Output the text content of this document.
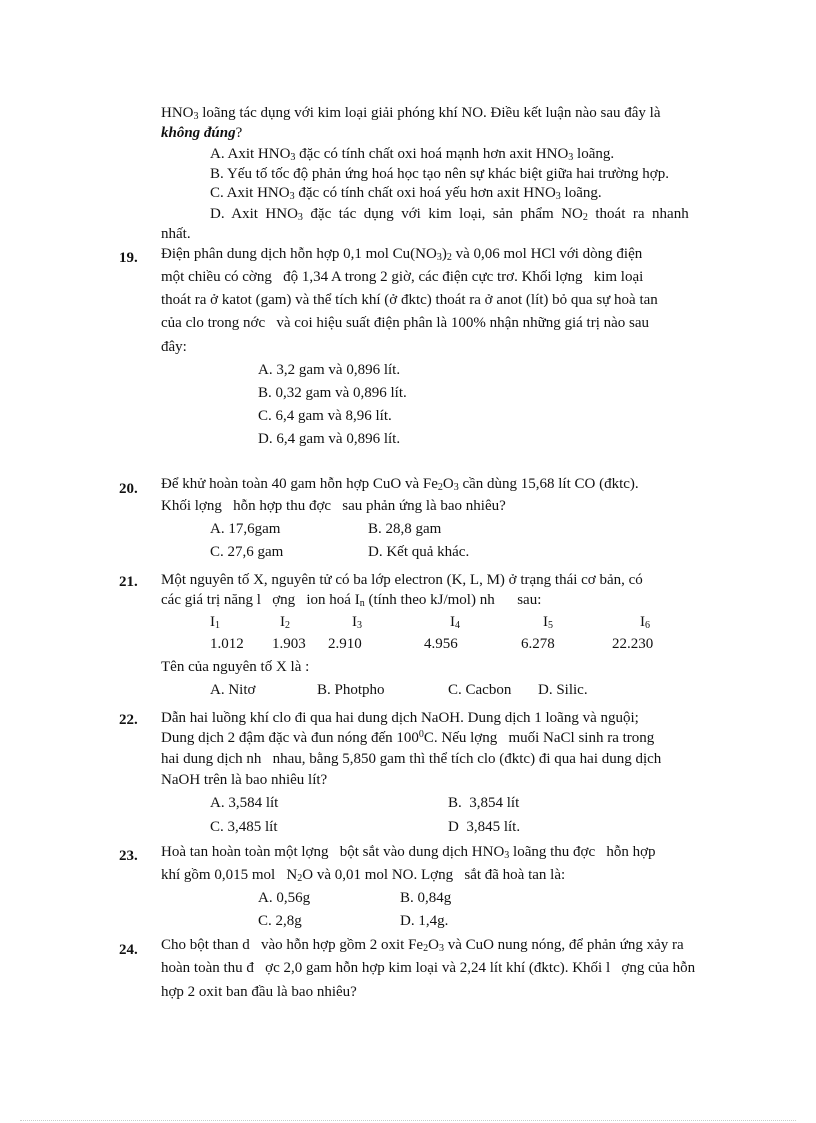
$HNO_3$ loãng tác dụng với kim loại giải phóng khí NO. Điều kết luận nào sau đây là
không đúng?
A. Axit $HNO_3$ đặc có tính chất oxi hoá mạnh hơn axit $HNO_3$ loãng.
B. Yếu tố tốc độ phản ứng hoá học tạo nên sự khác biệt giữa hai trường hợp.
C. Axit $HNO_3$ đặc có tính chất oxi hoá yếu hơn axit $HNO_3$ loãng.
D.  Axit  $HNO_3$  đặc  tác  dụng  với  kim  loại,  sản  phẩm  $NO_2$  thoát  ra  nhanh
nhất.
19. Điện phân dung dịch hỗn hợp 0,1 mol $Cu(NO_3)_2$ và 0,06 mol HCl với dòng điện
một chiều có cờng   độ 1,34 A trong 2 giờ, các điện cực trơ. Khối lợng   kim loại
thoát ra ở katot (gam) và thể tích khí (ở đktc) thoát ra ở anot (lít) bỏ qua sự hoà tan
của clo trong nớc   và coi hiệu suất điện phân là 100% nhận những giá trị nào sau
đây:
A. 3,2 gam và 0,896 lít.
B. 0,32 gam và 0,896 lít.
C. 6,4 gam và 8,96 lít.
D. 6,4 gam và 0,896 lít.
20. Để khử hoàn toàn 40 gam hỗn hợp CuO và $Fe_2O_3$ cần dùng 15,68 lít CO (đktc).
Khối lợng   hỗn hợp thu đợc   sau phản ứng là bao nhiêu?
A. 17,6gam	B. 28,8 gam
C. 27,6 gam	D. Kết quả khác.
21. Một nguyên tố X, nguyên tử có ba lớp electron (K, L, M) ở trạng thái cơ bản, có
các giá trị năng l   ợng   ion hoá $I_n$ (tính theo kJ/mol) nh      sau:
$I_1$	$I_2$	$I_3$	$I_4$	$I_5$	$I_6$
1.012 1.903 2.910	4.956	6.278	22.230
Tên của nguyên tố X là :
A. Nitơ	B. Photpho	C. Cacbon D. Silic.
22. Dẫn hai luồng khí clo đi qua hai dung dịch NaOH. Dung dịch 1 loãng và nguội;
Dung dịch 2 đậm đặc và đun nóng đến $100^0C$. Nếu lợng   muối NaCl sinh ra trong
hai dung dịch nh   nhau, bằng 5,850 gam thì thể tích clo (đktc) đi qua hai dung dịch
NaOH trên là bao nhiêu lít?
A. 3,584 lít	B.  3,854 lít
C. 3,485 lít	D  3,845 lít.
23. Hoà tan hoàn toàn một lợng   bột sắt vào dung dịch $HNO_3$ loãng thu đợc   hỗn hợp
khí gồm 0,015 mol   $N_2O$ và 0,01 mol NO. Lợng   sắt đã hoà tan là:
A. 0,56g	B. 0,84g
C. 2,8g	D. 1,4g.
24. Cho bột than d   vào hỗn hợp gồm 2 oxit $Fe_2O_3$ và CuO nung nóng, để phản ứng xảy ra
hoàn toàn thu đ   ợc 2,0 gam hỗn hợp kim loại và 2,24 lít khí (đktc). Khối l   ợng của hỗn
hợp 2 oxit ban đầu là bao nhiêu?
